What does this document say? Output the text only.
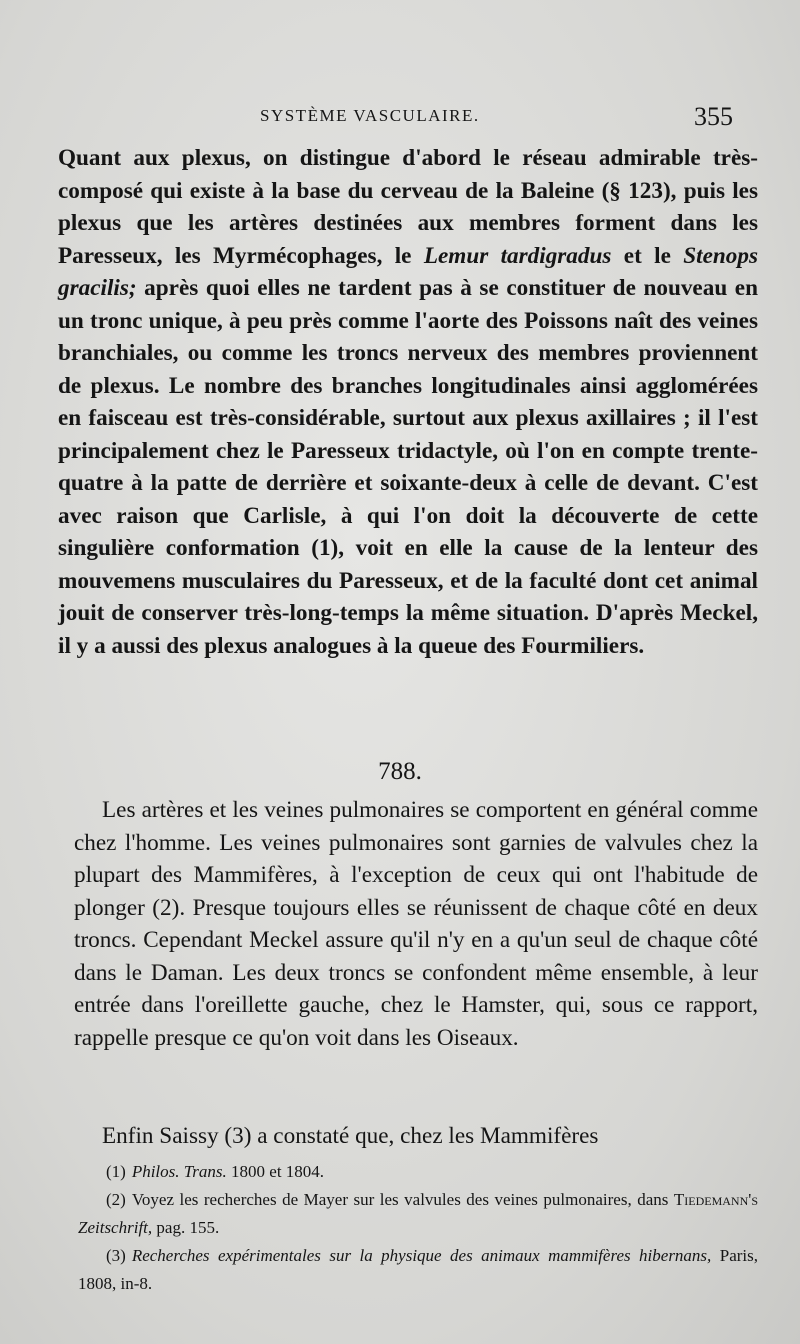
SYSTÈME VASCULAIRE.	355

Quant aux plexus, on distingue d'abord le réseau admirable très-composé qui existe à la base du cerveau de la Baleine (§ 123), puis les plexus que les artères destinées aux membres forment dans les Paresseux, les Myrmécophages, le Lemur tardigradus et le Stenops gracilis; après quoi elles ne tardent pas à se constituer de nouveau en un tronc unique, à peu près comme l'aorte des Poissons naît des veines branchiales, ou comme les troncs nerveux des membres proviennent de plexus. Le nombre des branches longitudinales ainsi agglomérées en faisceau est très-considérable, surtout aux plexus axillaires ; il l'est principalement chez le Paresseux tridactyle, où l'on en compte trente-quatre à la patte de derrière et soixante-deux à celle de devant. C'est avec raison que Carlisle, à qui l'on doit la découverte de cette singulière conformation (1), voit en elle la cause de la lenteur des mouvemens musculaires du Paresseux, et de la faculté dont cet animal jouit de conserver très-long-temps la même situation. D'après Meckel, il y a aussi des plexus analogues à la queue des Fourmiliers.

788.

Les artères et les veines pulmonaires se comportent en général comme chez l'homme. Les veines pulmonaires sont garnies de valvules chez la plupart des Mammifères, à l'exception de ceux qui ont l'habitude de plonger (2). Presque toujours elles se réunissent de chaque côté en deux troncs. Cependant Meckel assure qu'il n'y en a qu'un seul de chaque côté dans le Daman. Les deux troncs se confondent même ensemble, à leur entrée dans l'oreillette gauche, chez le Hamster, qui, sous ce rapport, rappelle presque ce qu'on voit dans les Oiseaux.

Enfin Saissy (3) a constaté que, chez les Mammifères

(1) Philos. Trans. 1800 et 1804.

(2) Voyez les recherches de Mayer sur les valvules des veines pulmonaires, dans Tiedemann's Zeitschrift, pag. 155.

(3) Recherches expérimentales sur la physique des animaux mammifères hibernans, Paris, 1808, in-8.
